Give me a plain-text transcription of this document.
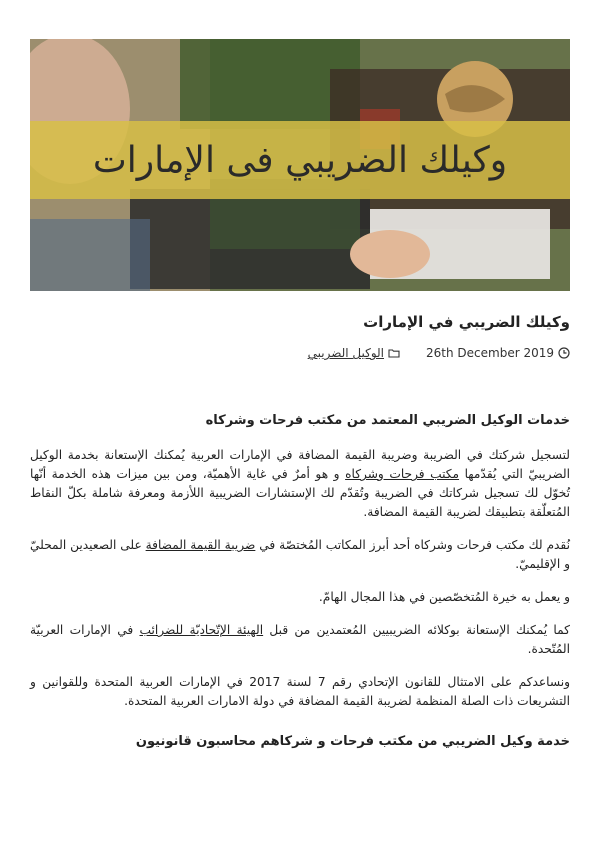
وكيلك الضريبي فى الإمارات
وكيلك الضريبي في الإمارات
26th December 2019
الوكيل الضريبي
خدمات الوكيل الضريبي المعتمد من مكتب فرحات وشركاه

لتسجيل شركتك في الضريبة وضريبة القيمة المضافة في الإمارات العربية يُمكنك الإستعانة بخدمة الوكيل الضريبيّ التي يُقدّمها مكتب فرحات وشركاه و هو أمرٌ في غاية الأهميّة، ومن بين ميزات هذه الخدمة أنّها تُخوّل لك تسجيل شركاتك في الضريبة وتُقدّم لك الإستشارات الضريبية اللأزمة ومعرفة شاملة بكلّ النقاط المُتعلّقة بتطبيقك لضريبة القيمة المضافة.

نُقدم لك مكتب فرحات وشركاه أحد أبرز المكاتب المُختصّة في ضريبة القيمة المضافة على الصعيدين المحليّ و الإقليميّ.

و يعمل به خيرة المُتخصّصين في هذا المجال الهامّ.

كما يُمكنك الإستعانة بوكلائه الضريبيين المُعتمدين من قبل الهيئة الإتّحاديّة للضرائب في الإمارات العربيّة المُتّحدة.

ونساعدكم على الامتثال للقانون الإتحادي رقم 7 لسنة 2017 في الإمارات العربية المتحدة وللقوانين و التشريعات ذات الصلة المنظمة لضريبة القيمة المضافة في دولة الامارات العربية المتحدة.

خدمة وكيل الضريبي من مكتب فرحات و شركاهم محاسبون قانونيون
